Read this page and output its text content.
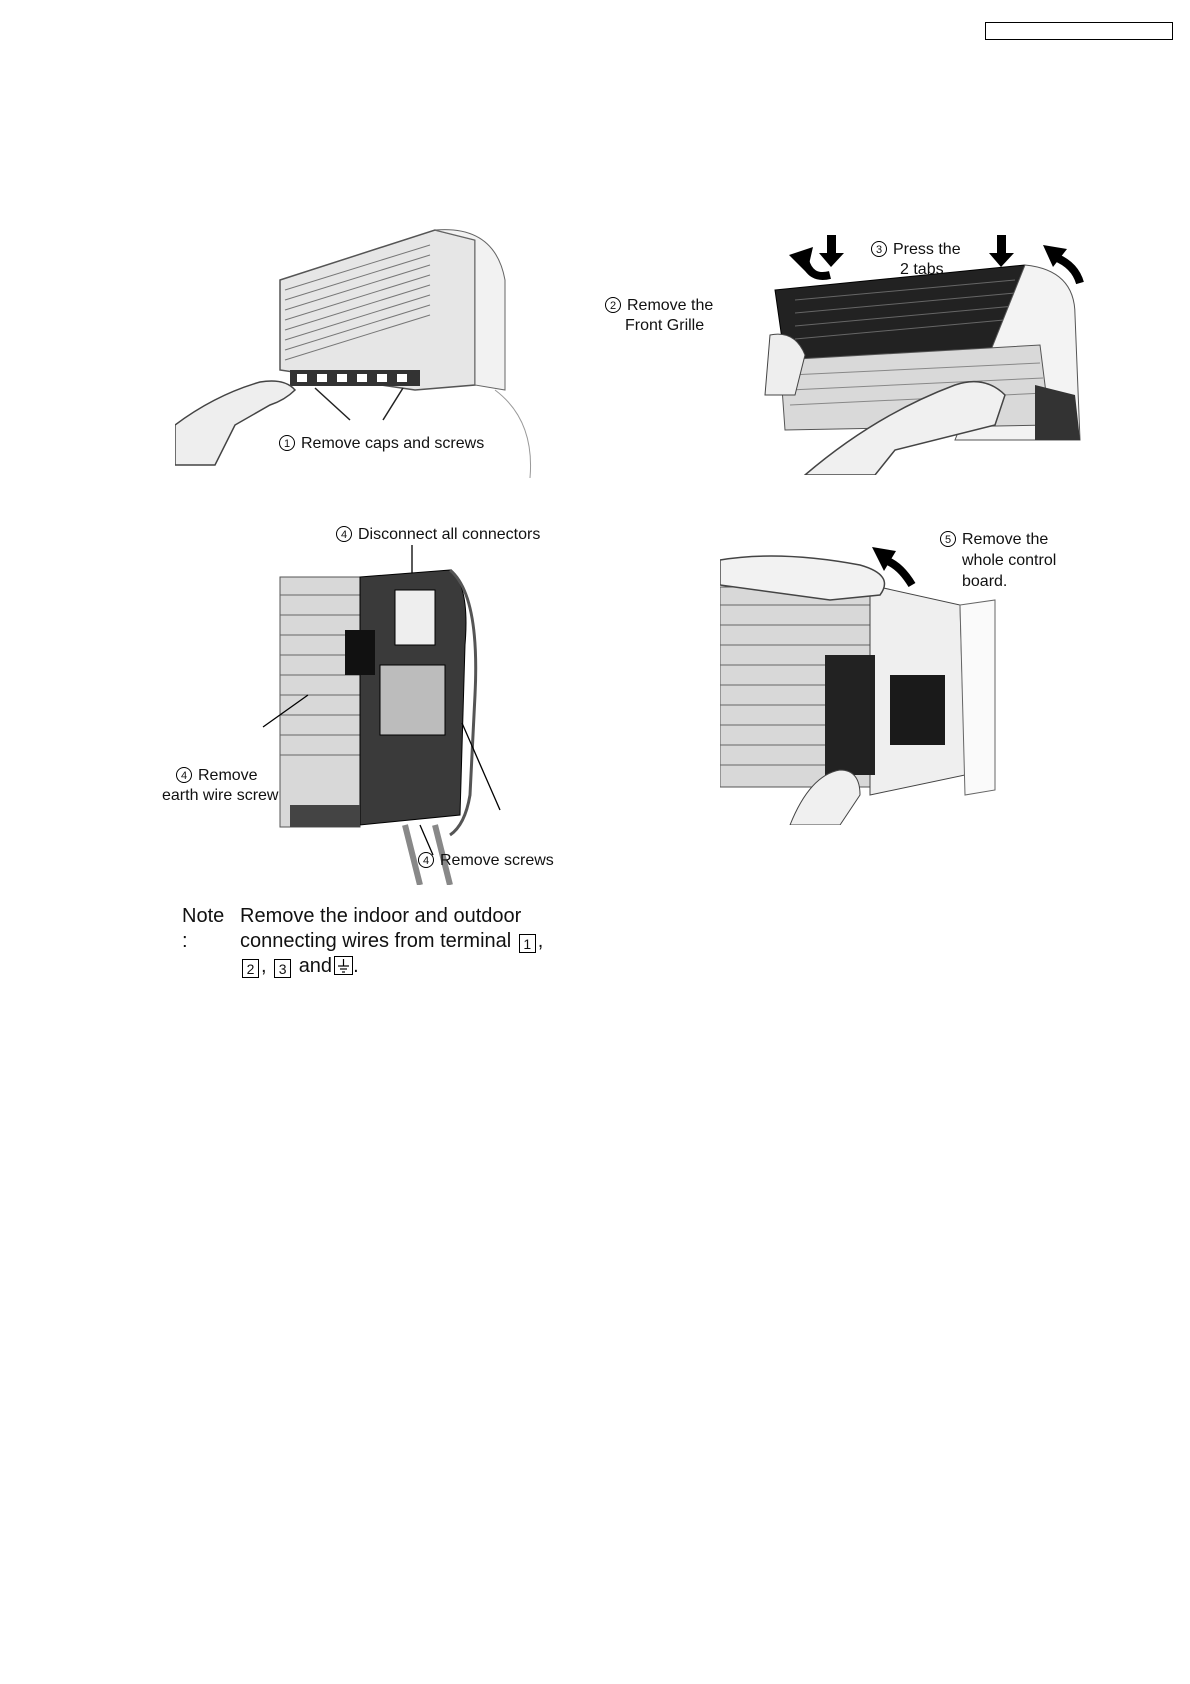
1 Remove caps and screws
2 Remove the
Front Grille
3 Press the
2 tabs
4 Disconnect all connectors
4 Remove
earth wire screw
4 Remove screws
5 Remove the
whole control
board.
Note :
Remove the indoor and outdoor
connecting wires from terminal 1 ,
2 , 3 and .
